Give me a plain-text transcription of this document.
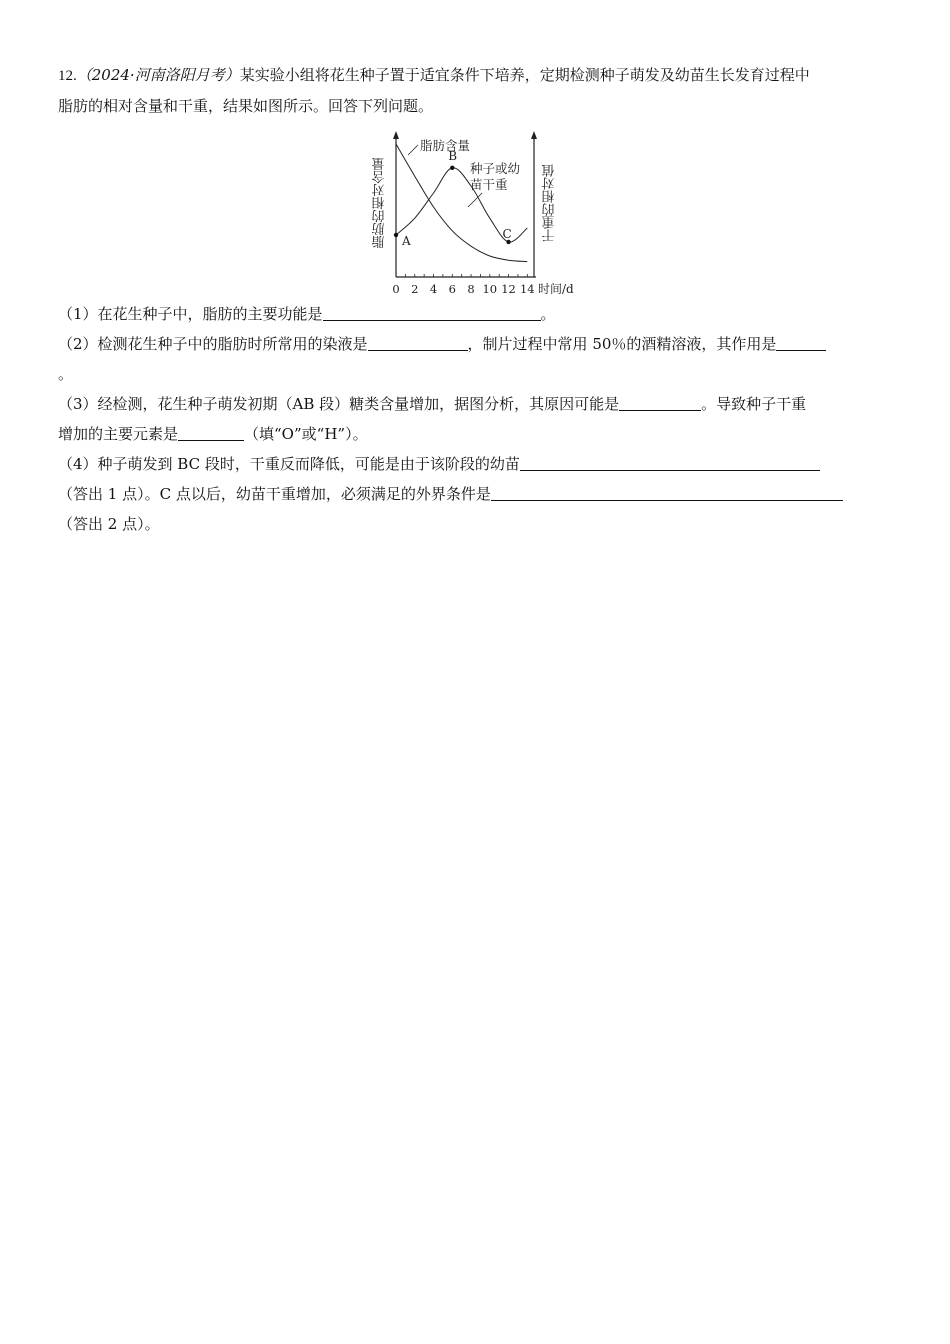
12.（2024·河南洛阳月考）某实验小组将花生种子置于适宜条件下培养，定期检测种子萌发及幼苗生长发育过程中
脂肪的相对含量和干重，结果如图所示。回答下列问题。
脂肪的相对含量	干重的相对值
脂肪含量
种子或幼
苗干重
A
B
C
0 2 4 6 8 10 12 14 时间/d
（1）在花生种子中，脂肪的主要功能是	。
（2）检测花生种子中的脂肪时所常用的染液是	，制片过程中常用 50％的酒精溶液，其作用是
。
（3）经检测，花生种子萌发初期（AB 段）糖类含量增加，据图分析，其原因可能是	。导致种子干重
增加的主要元素是	（填“O”或“H”）。
（4）种子萌发到 BC 段时，干重反而降低，可能是由于该阶段的幼苗
（答出 1 点）。C 点以后，幼苗干重增加，必须满足的外界条件是
（答出 2 点）。
